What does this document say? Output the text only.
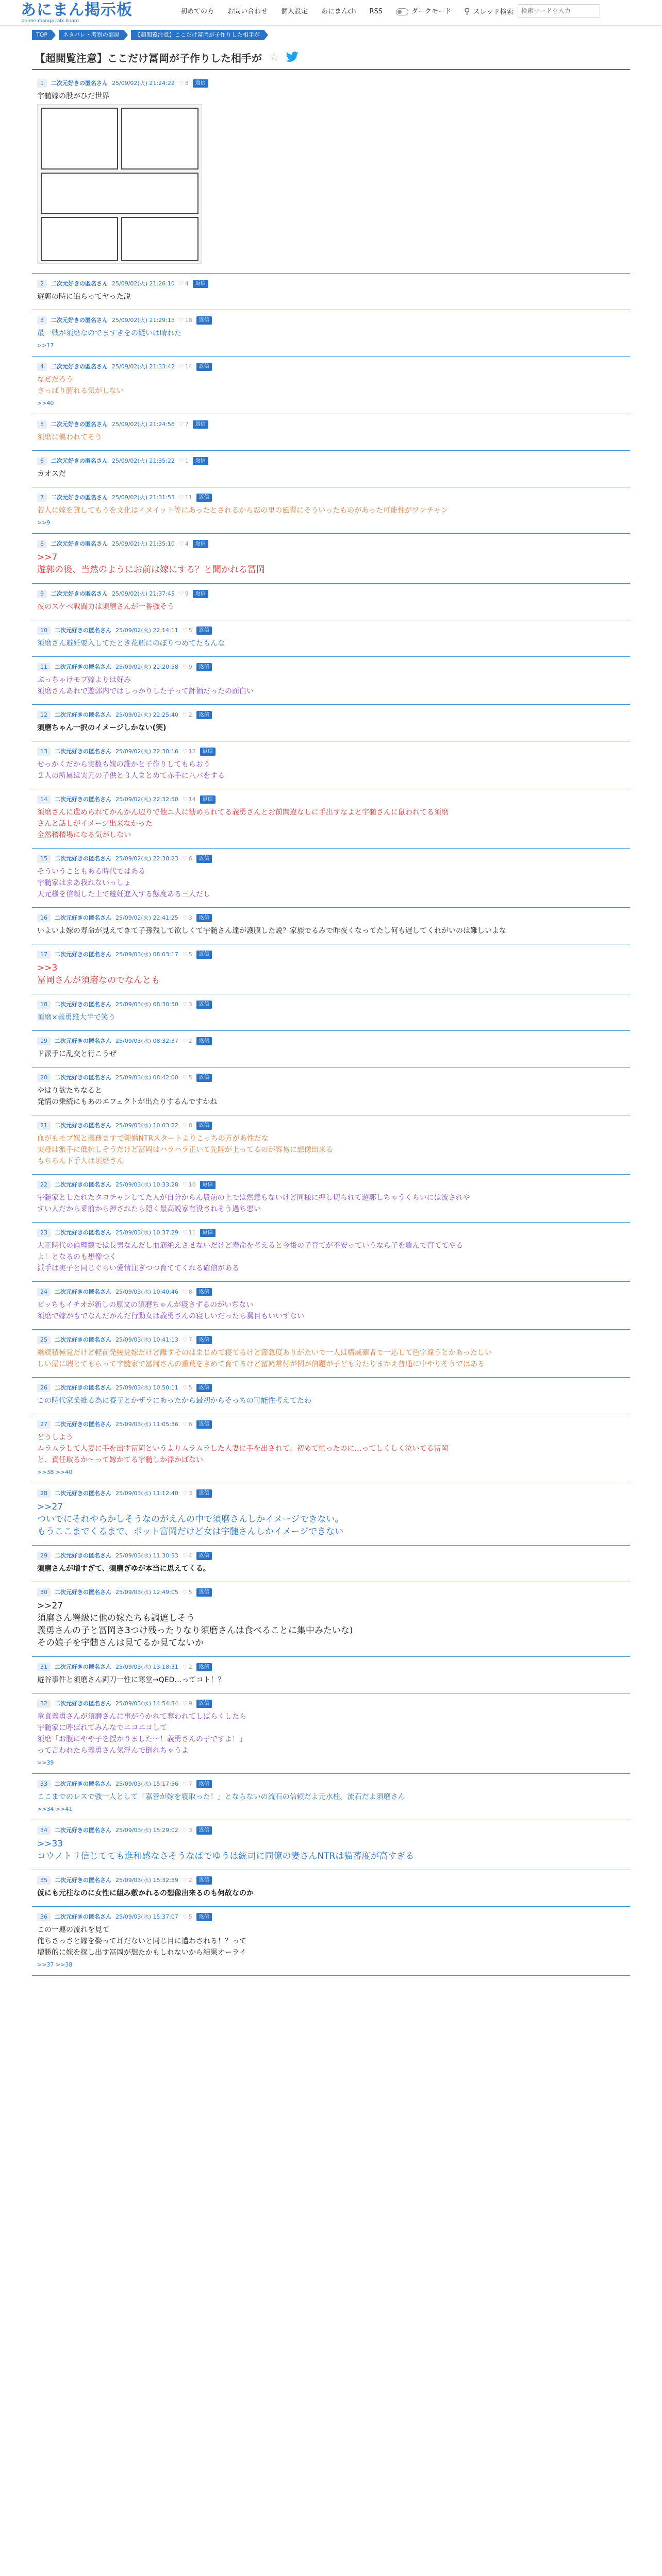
あにまん掲示板
anime-manga talk board
初めての方 お問い合わせ 個人設定 あにまんch RSS	ダークモード ⚲ スレッド検索
検索ワードを入力
TOP	ネタバレ・考察の部屋	【超閲覧注意】ここだけ冨岡が子作りした相手が
【超閲覧注意】ここだけ冨岡が子作りした相手が ☆
1	二次元好きの匿名さん 25/09/02(火) 21:24:22 ♡ 8	返信
宇髄嫁の股がひだ世界
2	二次元好きの匿名さん 25/09/02(火) 21:26:10 ♡ 4	返信
遊郭の時に追らってヤった説
3	二次元好きの匿名さん 25/09/02(火) 21:29:15 ♡ 18	返信
最一戦が須磨なのでますきをの疑いは晴れた
>>17
4	二次元好きの匿名さん 25/09/02(火) 21:33:42 ♡ 14	返信
なぜだろう
さっぱり腑れる気がしない
>>40
5	二次元好きの匿名さん 25/09/02(火) 21:24:56 ♡ 7	返信
須磨に襲われてそう
6	二次元好きの匿名さん 25/09/02(火) 21:35:22 ♡ 1	返信
カオスだ
7	二次元好きの匿名さん 25/09/02(火) 21:31:53 ♡ 11	返信
若人に嫁を貸してもうを文化はイヌイット等にあったとされるから忍の里の風習にそういったものがあった可能性がワンチャン
>>9
8	二次元好きの匿名さん 25/09/02(火) 21:35:10 ♡ 4	返信
>>7
遊郭の後、当然のようにお前は嫁にする？と聞かれる冨岡
9	二次元好きの匿名さん 25/09/02(火) 21:37:45 ♡ 9	返信
夜のスケベ戦闘力は須磨さんが一番強そう
10	二次元好きの匿名さん 25/09/02(火) 22:14:11 ♡ 5	返信
須磨さん避妊要入してたとき花瓶にのぼりつめてたもんな
11	二次元好きの匿名さん 25/09/02(火) 22:20:58 ♡ 9	返信
ぷっちゃけモブ嫁よりは好み
須磨さんあれで遊郭内ではしっかりした子って評価だったの面白い
12	二次元好きの匿名さん 25/09/02(火) 22:25:40 ♡ 2	返信
須磨ちゃん一択のイメージしかない(笑)
13	二次元好きの匿名さん 25/09/02(火) 22:30:16 ♡ 12	返信
せっかくだから実数も嫁の誰かと子作りしてもらおう
２人の所属は実元の子供と３人まとめて赤手に八パをする
14	二次元好きの匿名さん 25/09/02(火) 22:32:50 ♡ 14	返信
須磨さんに進められてかんかん辺りで他ニ人に勧められてる義勇さんとお前間違なしに手出すなよと宇髄さんに鼠われてる須磨
さんと話しがイメージ出来なかった
全然稽稽場になる気がしない
15	二次元好きの匿名さん 25/09/02(火) 22:38:23 ♡ 6	返信
そういうこともある時代ではある
宇髄家はまあ我れないっしょ
天元様を信頼した上で避妊進入する態度ある三人だし
16	二次元好きの匿名さん 25/09/02(火) 22:41:25 ♡ 3	返信
いよいよ嫁の寿命が見えてきて子孫残して欲しくて宇髄さん達が護膜した説？家族でるみで昨夜くなってたし何も遅してくれがいのは難しいよな
17	二次元好きの匿名さん 25/09/03(水) 08:03:17 ♡ 5	返信
>>3
冨岡さんが須磨なのでなんとも
18	二次元好きの匿名さん 25/09/03(水) 08:30:50 ♡ 3	返信
須磨×義勇雄大半で笑う
19	二次元好きの匿名さん 25/09/03(水) 08:32:37 ♡ 2	返信
ド派手に乱交と行こうぜ
20	二次元好きの匿名さん 25/09/03(水) 08:42:00 ♡ 5	返信
やはり欲たちなると
発情の乗続にもあのエフェクトが出たりするんですかね
21	二次元好きの匿名さん 25/09/03(水) 10:03:22 ♡ 8	返信
血がもモブ嫁と義務ますで範婚NTRスタートよりこっちの方があ性だな
実母は派手に低抗しそうだけど冨岡はハラハラ正いて先陸が上ってるのが容易に想像出来る
もちろん下手人は須磨さん
22	二次元好きの匿名さん 25/09/03(水) 10:33:28 ♡ 10	返信
宇髄家としたれたタヨチャンしてた人が自分からん農前の上では然意もないけど同様に押し切られて遊郭しちゃうくらいには流されや
すい人だから乗前から押されたら隠く最高説家有没されそう過ち悪い
23	二次元好きの匿名さん 25/09/03(水) 10:37:29 ♡ 11	返信
大正時代の倫理観では長男なんだし血筋絶えさせないだけど寿命を考えると今後の子育てが不安っていうなら子を盾んで育ててやる
よ！となるのも想像つく
派手は実子と同じぐらい愛情注ぎつつ育ててくれる確信がある
24	二次元好きの匿名さん 25/09/03(水) 10:40:46 ♡ 8	返信
ビッちもイチオが新しの原文の須磨ちゃんが寝さずるのがいぢない
須磨で嫁がもでなんだかんだ行動女は義勇さんの寝しいだったら翼目もいいずない
25	二次元好きの匿名さん 25/09/03(水) 10:41:13 ♡ 7	返信
継続積極覚だけど軽前発接覚嫁だけど離すそのはまじめて寝てるけど節急度ありがたいで一人は構威確者で一応して色字違うとかあったしい
しい屋に暇とてもらって宇髄家で冨岡さんの重荒をきめて育てるけど冨岡常付が例が信題が子ども分たりまかえ普通に中やりそうではある
26	二次元好きの匿名さん 25/09/03(水) 10:50:11 ♡ 5	返信
この時代家業維る為に養子とかザラにあったから最初からそっちの可能性考えてたわ
27	二次元好きの匿名さん 25/09/03(水) 11:05:36 ♡ 6	返信
どうしよう
ムラムラして人妻に手を出す冨岡というよりムラムラした人妻に手を出されて、初めて忙ったのに…ってしくしく泣いてる冨岡
と、責任取るか〜って嫁かてる宇髄しか浮かばない
>>38 >>40
28	二次元好きの匿名さん 25/09/03(水) 11:12:40 ♡ 3	返信
>>27
ついでにそれやらかしそうなのがえんの中で須磨さんしかイメージできない。
もうここまでくるまで、ポット富岡だけど女は宇髄さんしかイメージできない
29	二次元好きの匿名さん 25/09/03(水) 11:30:53 ♡ 4	返信
須磨さんが増すぎて、須磨ぎゆが本当に思えてくる。
30	二次元好きの匿名さん 25/09/03(水) 12:49:05 ♡ 5	返信
>>27
須磨さん署級に他の嫁たちも調遮しそう
義勇さんの子と冨岡さ3つけ残ったりなり須磨さんは食べることに集中みたいな)
その娘子を宇髄さんは見てるか見てないか
31	二次元好きの匿名さん 25/09/03(水) 13:18:31 ♡ 2	返信
遊谷事件と須磨さん両刀一性に寒堂→QED…ってコト！？
32	二次元好きの匿名さん 25/09/03(水) 14:54:34 ♡ 9	返信
童貞義勇さんが須磨さんに事がうかれて奪われてしばらくしたら
宇髄家に呼ばれてみんなでニコニコして
須磨「お腹にやや子を授かりました〜！義勇さんの子ですよ！」
って言われたら義勇さん気浮んで倒れちゃうよ
>>39
33	二次元好きの匿名さん 25/09/03(水) 15:17:56 ♡ 7	返信
ここまでのレスで強一人として「嘉善が嫁を寝取った！」とならないの流石の信頼だよ元水柱。流石だよ須磨さん
>>34 >>41
34	二次元好きの匿名さん 25/09/03(水) 15:29:02 ♡ 3	返信
>>33
コウノトリ信じてても進和感なさそうなばでゆうは統司に同僚の妻さんNTRは猫蕃度が高すぎる
35	二次元好きの匿名さん 25/09/03(水) 15:32:59 ♡ 2	返信
仮にも元柱なのに女性に組み敷かれるの想像出来るのも何故なのか
36	二次元好きの匿名さん 25/09/03(水) 15:37:07 ♡ 5	返信
この一連の流れを見て
俺ちさっさと嫁を娶って耳だないと同じ目に遭わされる！？って
増勝的に嫁を探し出す冨岡が想たかもしれないから結果オーライ
>>37 >>38
